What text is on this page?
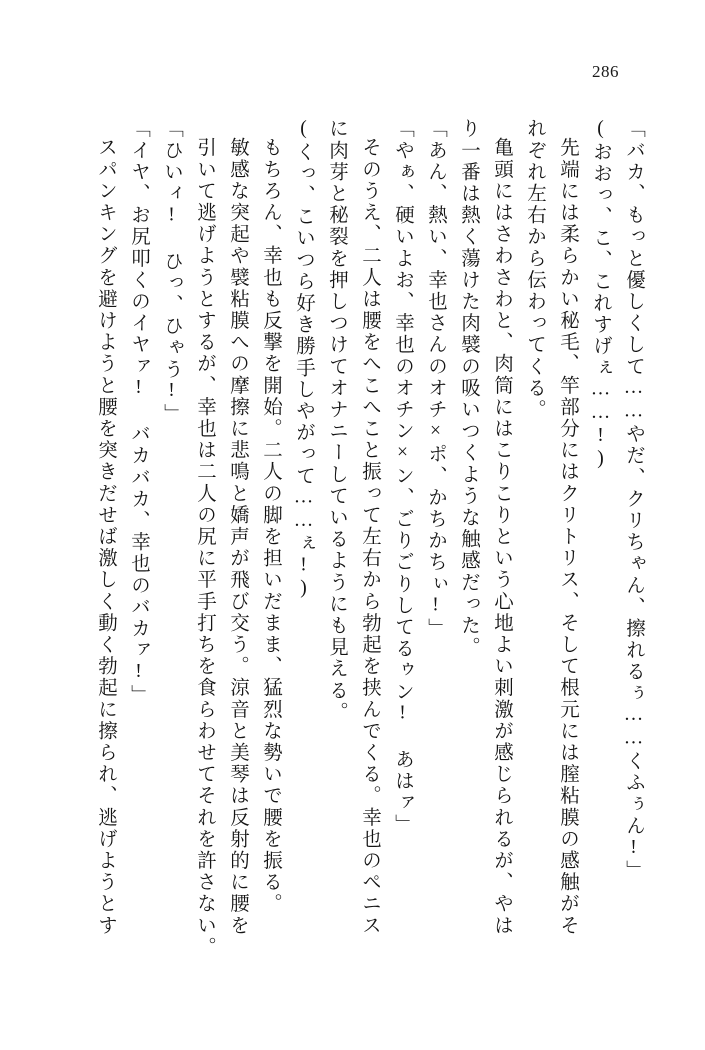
286
「バカ、もっと優しくして……やだ、クリちゃん、擦れるぅ……くふぅん!」
(おおっ、こ、これすげぇ……!)
先端には柔らかい秘毛、竿部分にはクリトリス、そして根元には膣粘膜の感触がそ
れぞれ左右から伝わってくる。
亀頭にはさわさわと、肉筒にはこりこりという心地よい刺激が感じられるが、やは
り一番は熱く蕩けた肉襞の吸いつくような触感だった。
「あん、熱い、幸也さんのオチ×ポ、かちかちぃ!」
「やぁ、硬いよお、幸也のオチン×ン、ごりごりしてるゥン! あはァ」
そのうえ、二人は腰をへこへこと振って左右から勃起を挟んでくる。幸也のペニス
に肉芽と秘裂を押しつけてオナニーしているようにも見える。
(くっ、こいつら好き勝手しやがって……ぇ!)
もちろん、幸也も反撃を開始。二人の脚を担いだまま、猛烈な勢いで腰を振る。
敏感な突起や襞粘膜への摩擦に悲鳴と嬌声が飛び交う。涼音と美琴は反射的に腰を
引いて逃げようとするが、幸也は二人の尻に平手打ちを食らわせてそれを許さない。
「ひいィ! ひっ、ひゃう!」
「イヤ、お尻叩くのイヤァ! バカバカ、幸也のバカァ!」
スパンキングを避けようと腰を突きだせば激しく動く勃起に擦られ、逃げようとす
